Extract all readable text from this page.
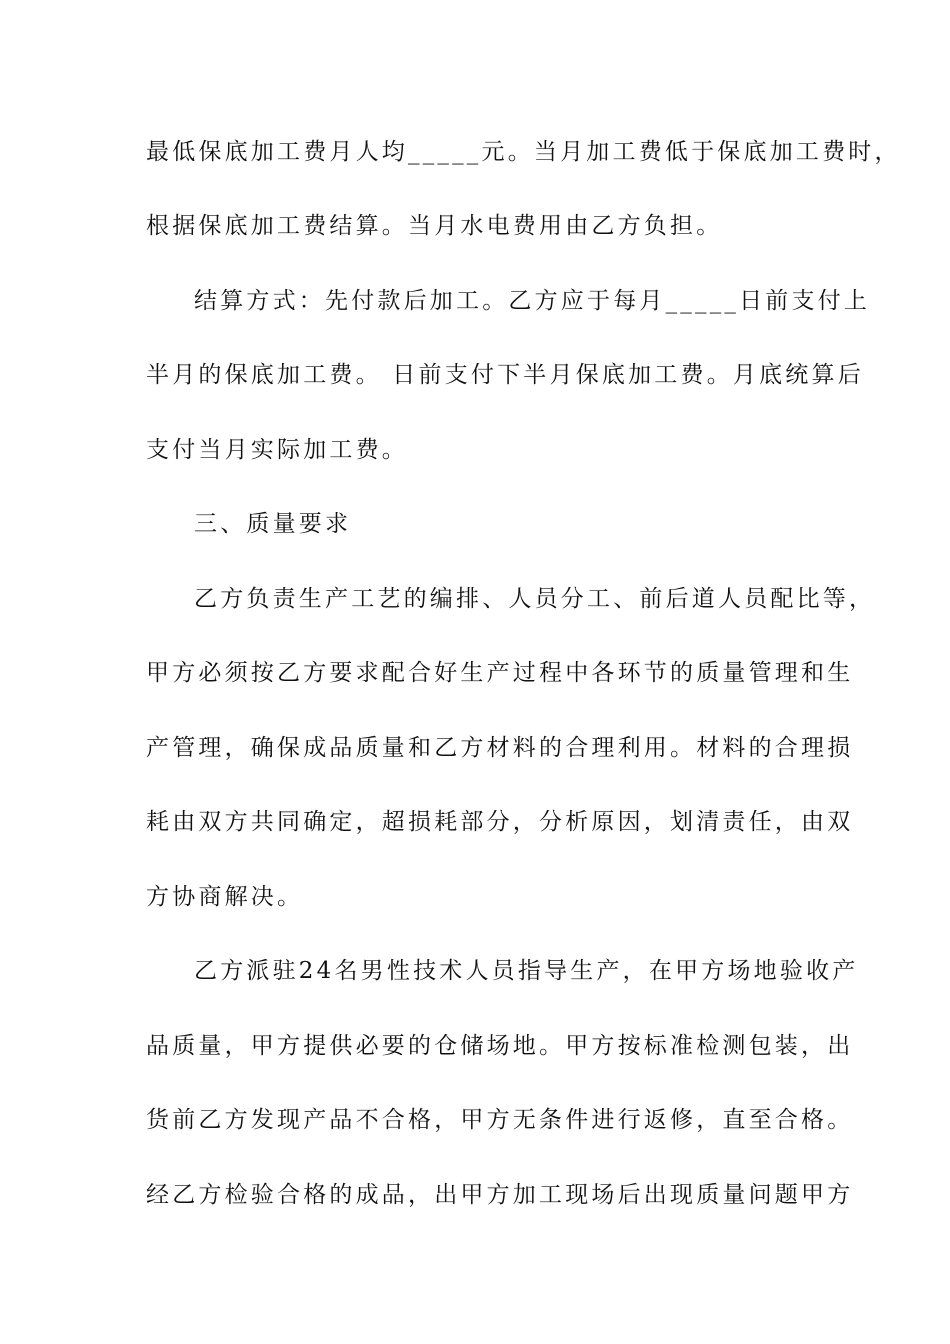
最低保底加工费月人均_____元。当月加工费低于保底加工费时，
根据保底加工费结算。当月水电费用由乙方负担。
结算方式：先付款后加工。乙方应于每月_____日前支付上
半月的保底加工费。 日前支付下半月保底加工费。月底统算后
支付当月实际加工费。
三、质量要求
乙方负责生产工艺的编排、人员分工、前后道人员配比等，
甲方必须按乙方要求配合好生产过程中各环节的质量管理和生
产管理，确保成品质量和乙方材料的合理利用。材料的合理损
耗由双方共同确定，超损耗部分，分析原因，划清责任，由双
方协商解决。
乙方派驻24名男性技术人员指导生产，在甲方场地验收产
品质量，甲方提供必要的仓储场地。甲方按标准检测包装，出
货前乙方发现产品不合格，甲方无条件进行返修，直至合格。
经乙方检验合格的成品，出甲方加工现场后出现质量问题甲方
